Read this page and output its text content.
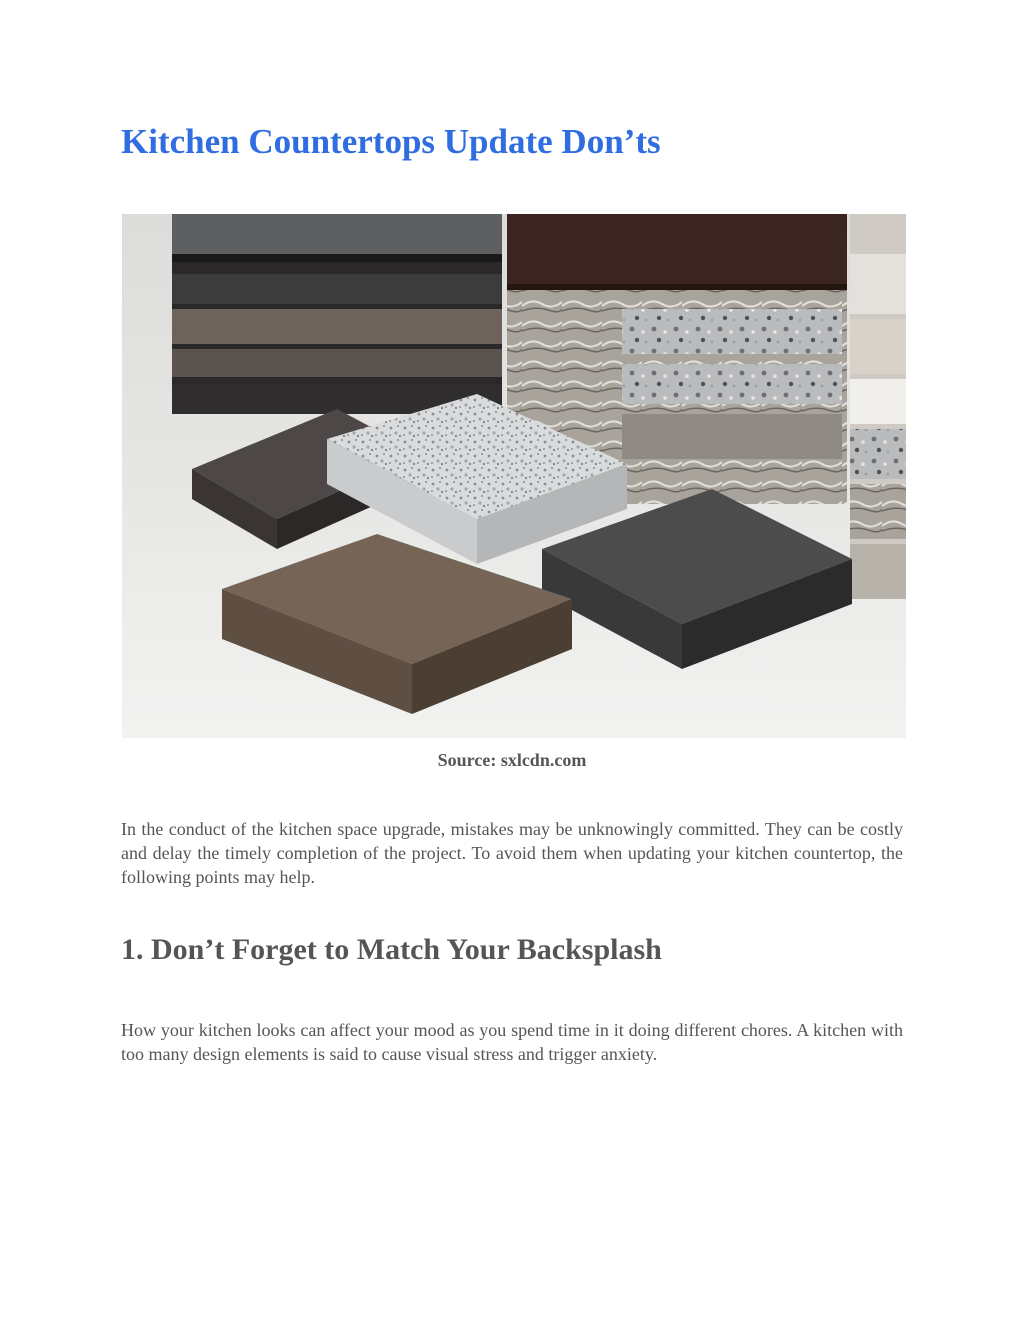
Kitchen Countertops Update Don’ts
Source: sxlcdn.com

In the conduct of the kitchen space upgrade, mistakes may be unknowingly committed. They can be costly and delay the timely completion of the project. To avoid them when updating your kitchen countertop, the following points may help.

1. Don’t Forget to Match Your Backsplash

How your kitchen looks can affect your mood as you spend time in it doing different chores. A kitchen with too many design elements is said to cause visual stress and trigger anxiety.
